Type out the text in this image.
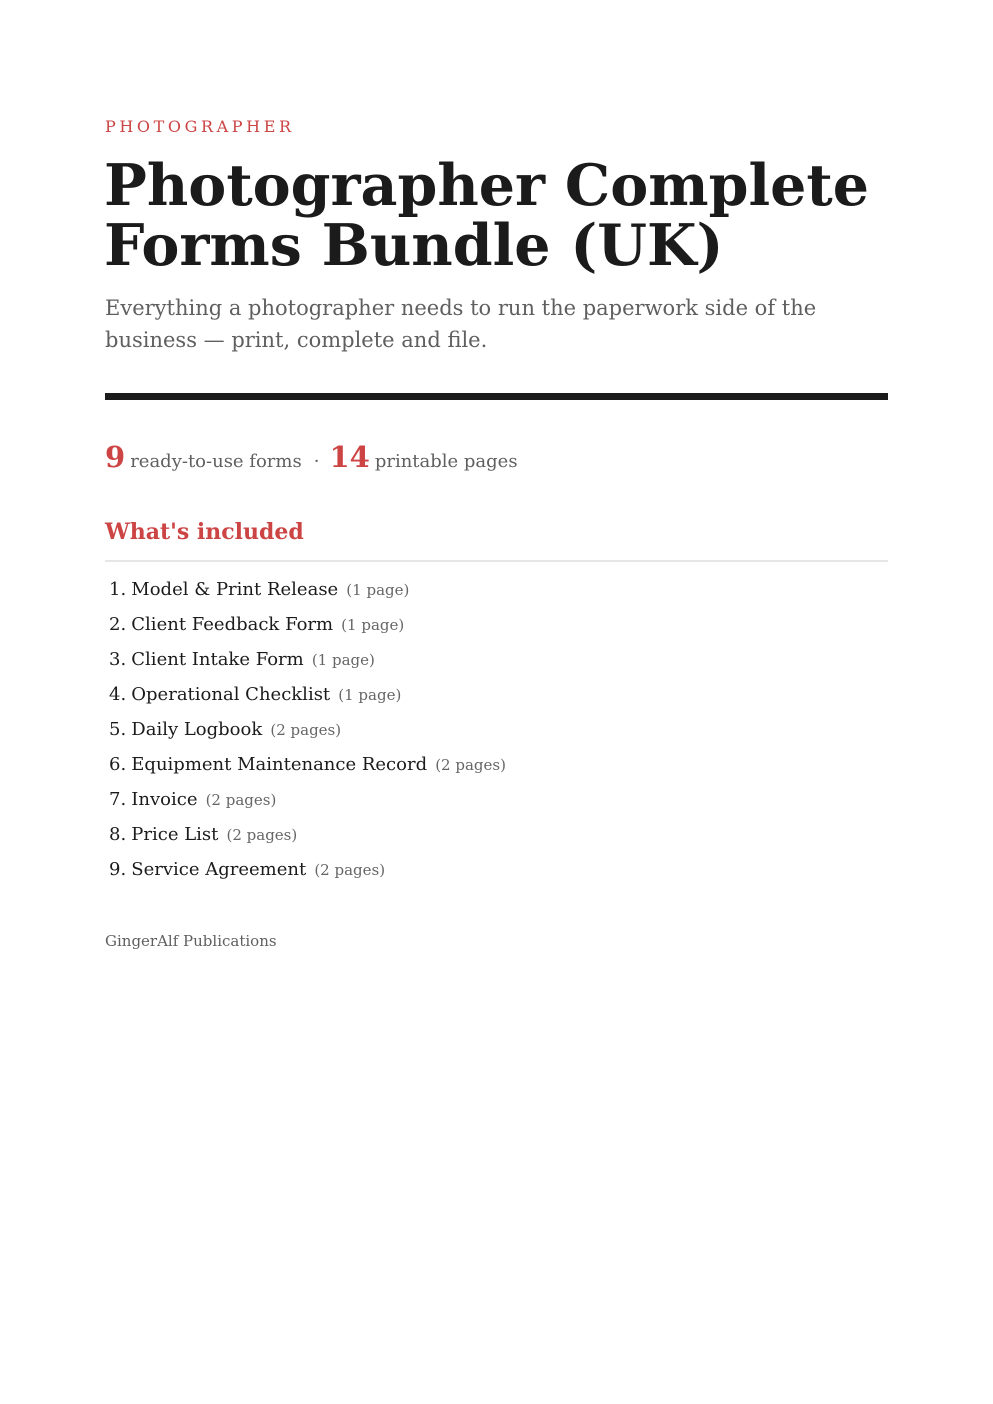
PHOTOGRAPHER
Photographer Complete Forms Bundle (UK)

Everything a photographer needs to run the paperwork side of the business — print, complete and file.

9 ready-to-use forms · 14 printable pages
What's included
1. Model & Print Release (1 page)
2. Client Feedback Form (1 page)
3. Client Intake Form (1 page)
4. Operational Checklist (1 page)
5. Daily Logbook (2 pages)
6. Equipment Maintenance Record (2 pages)
7. Invoice (2 pages)
8. Price List (2 pages)
9. Service Agreement (2 pages)
GingerAlf Publications
